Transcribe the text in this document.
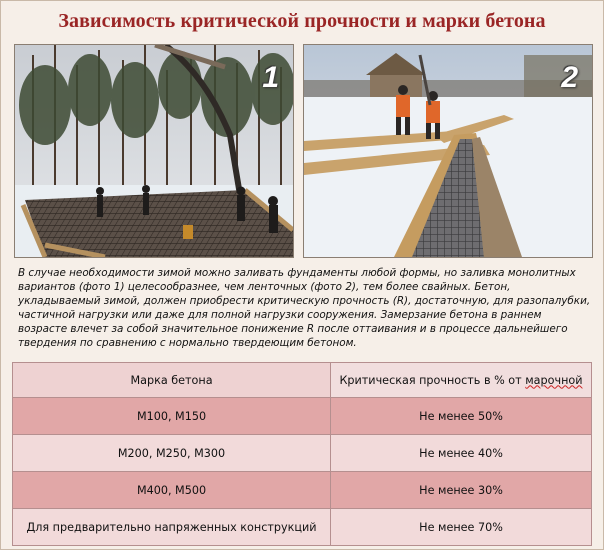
Зависимость критической прочности и марки бетона
1	2
В случае необходимости зимой можно заливать фундаменты любой формы, но заливка монолитных вариантов (фото 1) целесообразнее, чем ленточных (фото 2), тем более свайных. Бетон, укладываемый зимой, должен приобрести критическую прочность (R), достаточную, для разопалубки, частичной нагрузки или даже для полной нагрузки сооружения. Замерзание бетона в раннем возрасте влечет за собой значительное понижение R после оттаивания и в процессе дальнейшего твердения по сравнению с нормально твердеющим бетоном.
Марка бетона	Критическая прочность в % от марочной
М100, М150	Не менее 50%
М200, М250, М300	Не менее 40%
М400, М500	Не менее 30%
Для предварительно напряженных конструкций	Не менее 70%
